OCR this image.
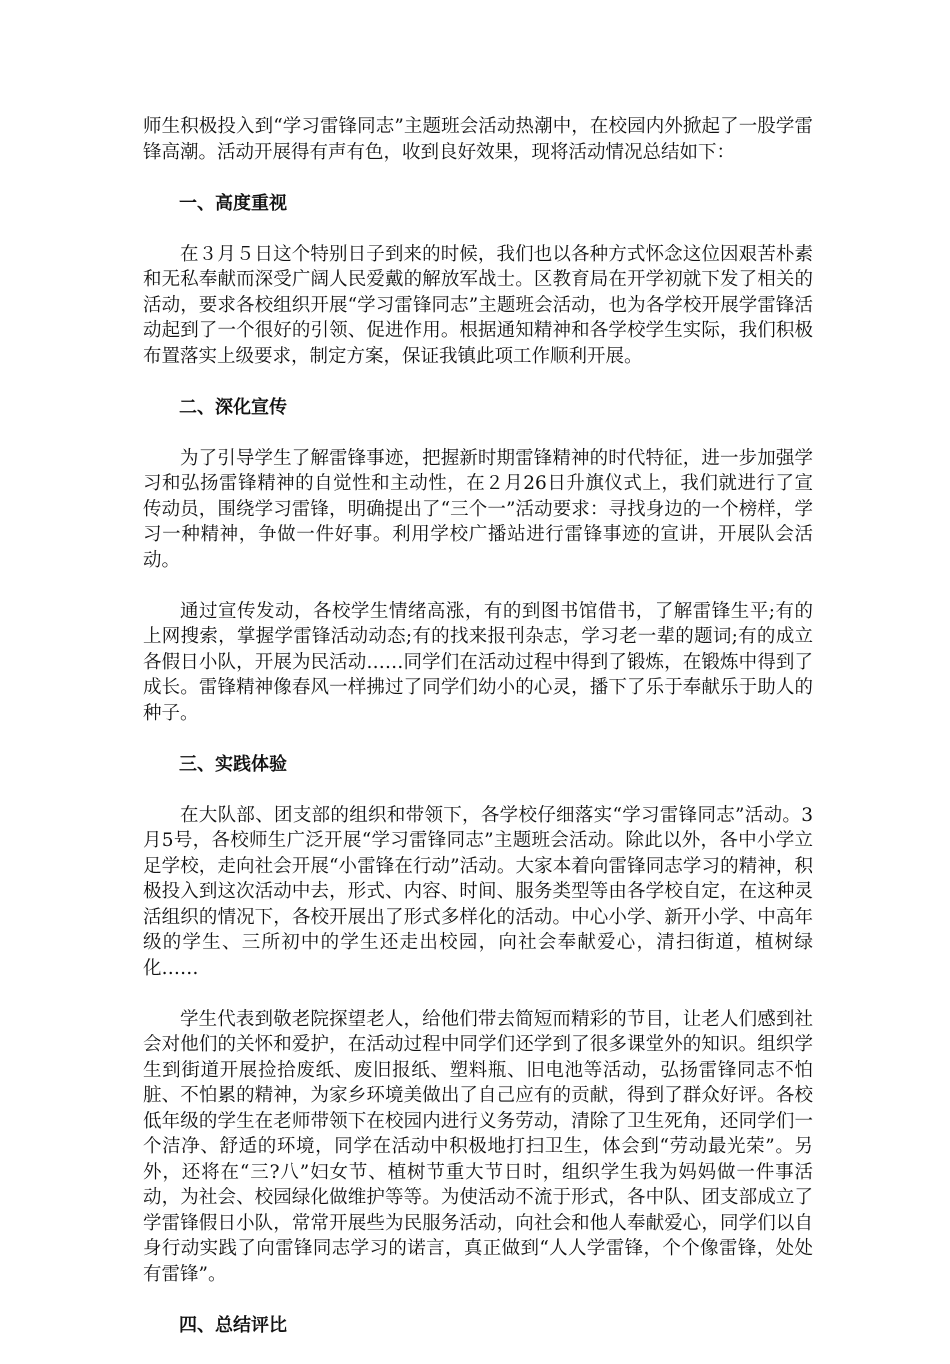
师生积极投入到“学习雷锋同志”主题班会活动热潮中，在校园内外掀起了一股学雷锋高潮。活动开展得有声有色，收到良好效果，现将活动情况总结如下：

一、高度重视

在３月５日这个特别日子到来的时候，我们也以各种方式怀念这位因艰苦朴素和无私奉献而深受广阔人民爱戴的解放军战士。区教育局在开学初就下发了相关的活动，要求各校组织开展“学习雷锋同志”主题班会活动，也为各学校开展学雷锋活动起到了一个很好的引领、促进作用。根据通知精神和各学校学生实际，我们积极布置落实上级要求，制定方案，保证我镇此项工作顺利开展。

二、深化宣传

为了引导学生了解雷锋事迹，把握新时期雷锋精神的时代特征，进一步加强学习和弘扬雷锋精神的自觉性和主动性，在２月26日升旗仪式上，我们就进行了宣传动员，围绕学习雷锋，明确提出了“三个一”活动要求：寻找身边的一个榜样，学习一种精神，争做一件好事。利用学校广播站进行雷锋事迹的宣讲，开展队会活动。

通过宣传发动，各校学生情绪高涨，有的到图书馆借书，了解雷锋生平;有的上网搜索，掌握学雷锋活动动态;有的找来报刊杂志，学习老一辈的题词;有的成立各假日小队，开展为民活动……同学们在活动过程中得到了锻炼，在锻炼中得到了成长。雷锋精神像春风一样拂过了同学们幼小的心灵，播下了乐于奉献乐于助人的种子。

三、实践体验

在大队部、团支部的组织和带领下，各学校仔细落实“学习雷锋同志”活动。3月5号，各校师生广泛开展“学习雷锋同志”主题班会活动。除此以外，各中小学立足学校，走向社会开展“小雷锋在行动”活动。大家本着向雷锋同志学习的精神，积极投入到这次活动中去，形式、内容、时间、服务类型等由各学校自定，在这种灵活组织的情况下，各校开展出了形式多样化的活动。中心小学、新开小学、中高年级的学生、三所初中的学生还走出校园，向社会奉献爱心，清扫街道，植树绿化……

学生代表到敬老院探望老人，给他们带去简短而精彩的节目，让老人们感到社会对他们的关怀和爱护，在活动过程中同学们还学到了很多课堂外的知识。组织学生到街道开展捡拾废纸、废旧报纸、塑料瓶、旧电池等活动，弘扬雷锋同志不怕脏、不怕累的精神，为家乡环境美做出了自己应有的贡献，得到了群众好评。各校低年级的学生在老师带领下在校园内进行义务劳动，清除了卫生死角，还同学们一个洁净、舒适的环境，同学在活动中积极地打扫卫生，体会到“劳动最光荣”。另外，还将在“三?八”妇女节、植树节重大节日时，组织学生我为妈妈做一件事活动，为社会、校园绿化做维护等等。为使活动不流于形式，各中队、团支部成立了学雷锋假日小队，常常开展些为民服务活动，向社会和他人奉献爱心，同学们以自身行动实践了向雷锋同志学习的诺言，真正做到“人人学雷锋，个个像雷锋，处处有雷锋”。

四、总结评比
